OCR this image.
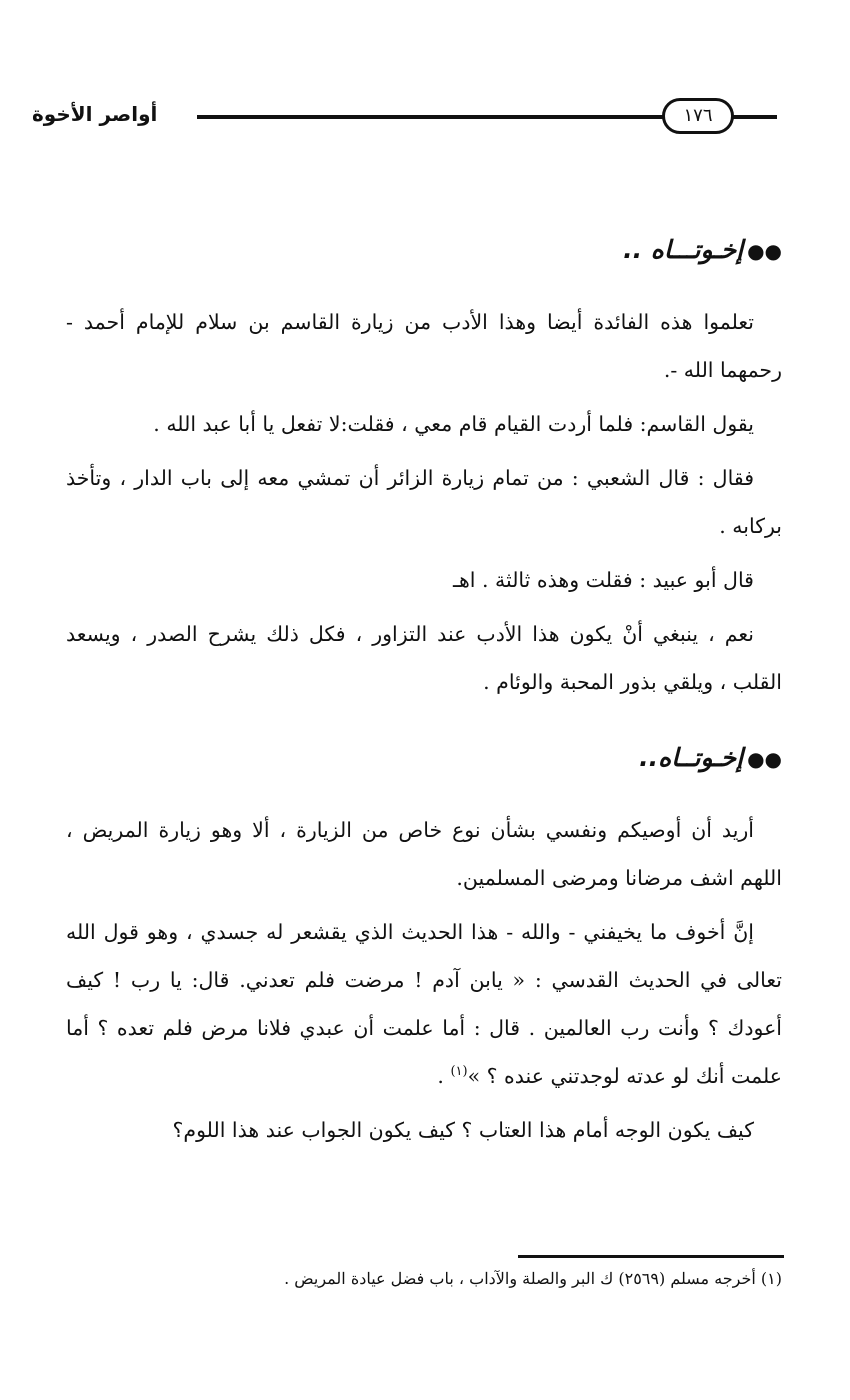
١٧٦
أواصر الأخوة
●●إخـوتـــاه ..

تعلموا هذه الفائدة أيضا وهذا الأدب من زيارة القاسم بن سلام للإمام أحمد - رحمهما الله -.

يقول القاسم: فلما أردت القيام قام معي ، فقلت:لا تفعل يا أبا عبد الله .

فقال : قال الشعبي : من تمام زيارة الزائر أن تمشي معه إلى باب الدار ، وتأخذ بركابه .

قال أبو عبيد : فقلت وهذه ثالثة . اهـ

نعم ، ينبغي أنْ يكون هذا الأدب عند التزاور ، فكل ذلك يشرح الصدر ، ويسعد القلب ، ويلقي بذور المحبة والوئام .

●●إخـوتــاه..

أريد أن أوصيكم ونفسي بشأن نوع خاص من الزيارة ، ألا وهو زيارة المريض ، اللهم اشف مرضانا ومرضى المسلمين.

إنَّ أخوف ما يخيفني - والله - هذا الحديث الذي يقشعر له جسدي ، وهو قول الله تعالى في الحديث القدسي : « يابن آدم ! مرضت فلم تعدني. قال: يا رب ! كيف أعودك ؟ وأنت رب العالمين . قال : أما علمت أن عبدي فلانا مرض فلم تعده ؟ أما علمت أنك لو عدته لوجدتني عنده ؟ »$^{(١)}$ .

كيف يكون الوجه أمام هذا العتاب ؟ كيف يكون الجواب عند هذا اللوم؟

(١) أخرجه مسلم (٢٥٦٩) ك البر والصلة والآداب ، باب فضل عيادة المريض .
